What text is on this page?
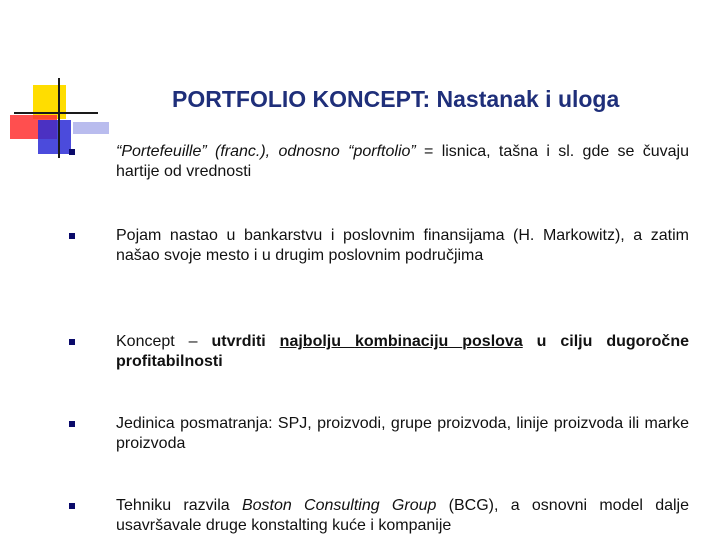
PORTFOLIO KONCEPT: Nastanak i uloga
“Portefeuille” (franc.), odnosno “porftolio” = lisnica, tašna i sl. gde se čuvaju hartije od vrednosti
Pojam nastao u bankarstvu i poslovnim finansijama (H. Markowitz), a zatim našao svoje mesto i u drugim poslovnim područjima
Koncept – utvrditi najbolju kombinaciju poslova u cilju dugoročne profitabilnosti
Jedinica posmatranja: SPJ, proizvodi, grupe proizvoda, linije proizvoda ili marke proizvoda
Tehniku razvila Boston Consulting Group (BCG), a osnovni model dalje usavršavale druge konstalting kuće i kompanije
